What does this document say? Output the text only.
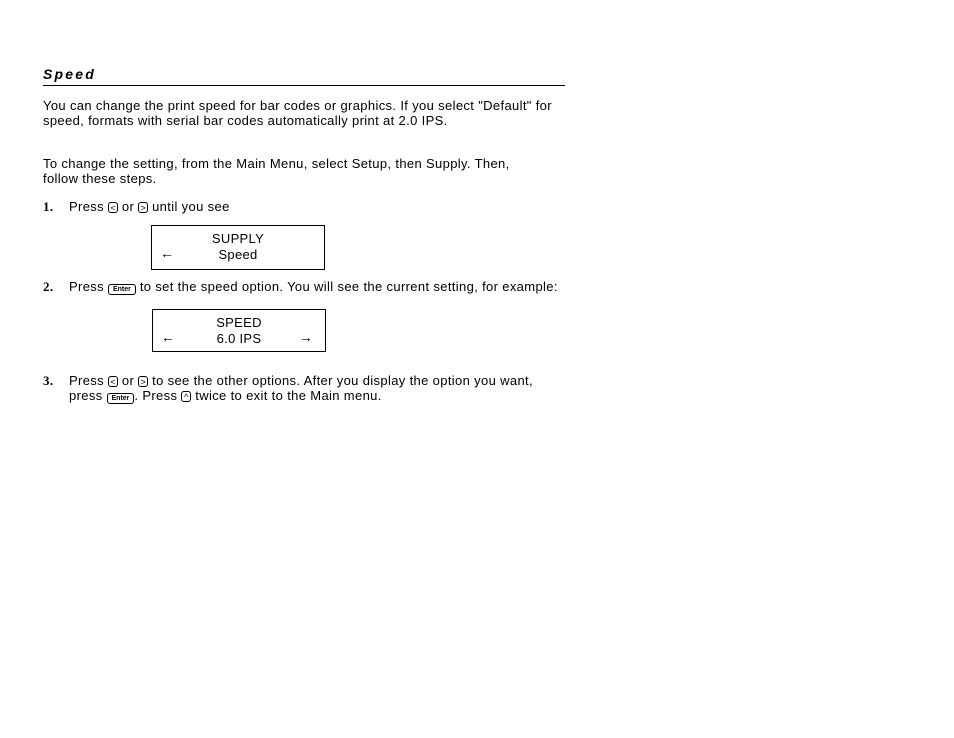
Speed

You can change the print speed for bar codes or graphics. If you select "Default" for speed, formats with serial bar codes automatically print at 2.0 IPS.

To change the setting, from the Main Menu, select Setup, then Supply. Then, follow these steps.

1. Press < or > until you see
SUPPLY
Speed
←
2. Press Enter to set the speed option. You will see the current setting, for example:
SPEED
6.0 IPS
←	→
3. Press < or > to see the other options. After you display the option you want, press Enter . Press ^ twice to exit to the Main menu.
